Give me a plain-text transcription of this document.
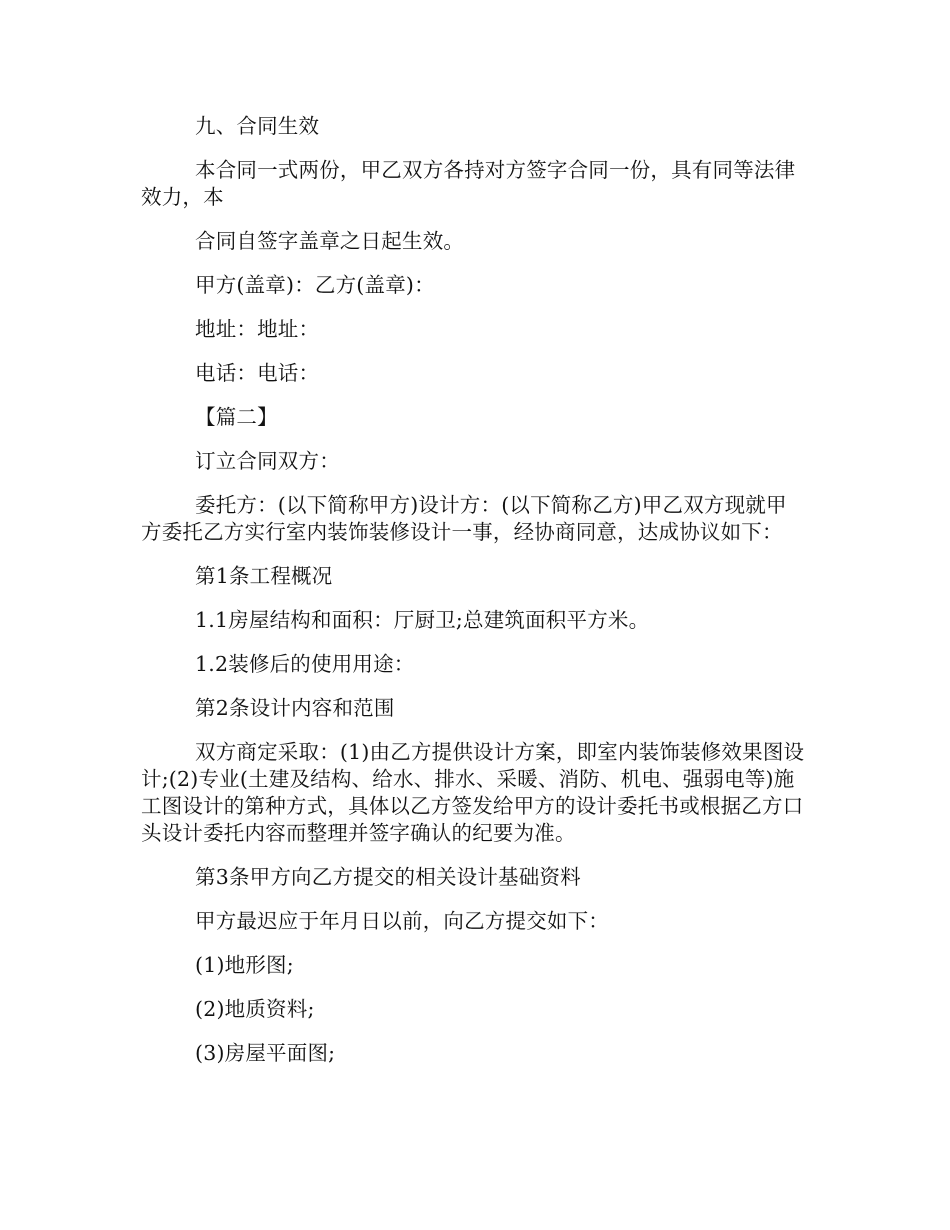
九、合同生效

本合同一式两份，甲乙双方各持对方签字合同一份，具有同等法律效力，本

合同自签字盖章之日起生效。

甲方(盖章)：乙方(盖章)：

地址：地址：

电话：电话：

【篇二】

订立合同双方：

委托方：(以下简称甲方)设计方：(以下简称乙方)甲乙双方现就甲方委托乙方实行室内装饰装修设计一事，经协商同意，达成协议如下：

第1条工程概况

1.1房屋结构和面积：厅厨卫;总建筑面积平方米。

1.2装修后的使用用途：

第2条设计内容和范围

双方商定采取：(1)由乙方提供设计方案，即室内装饰装修效果图设计;(2)专业(土建及结构、给水、排水、采暖、消防、机电、强弱电等)施工图设计的第种方式，具体以乙方签发给甲方的设计委托书或根据乙方口头设计委托内容而整理并签字确认的纪要为准。

第3条甲方向乙方提交的相关设计基础资料

甲方最迟应于年月日以前，向乙方提交如下：

(1)地形图;

(2)地质资料;

(3)房屋平面图;
